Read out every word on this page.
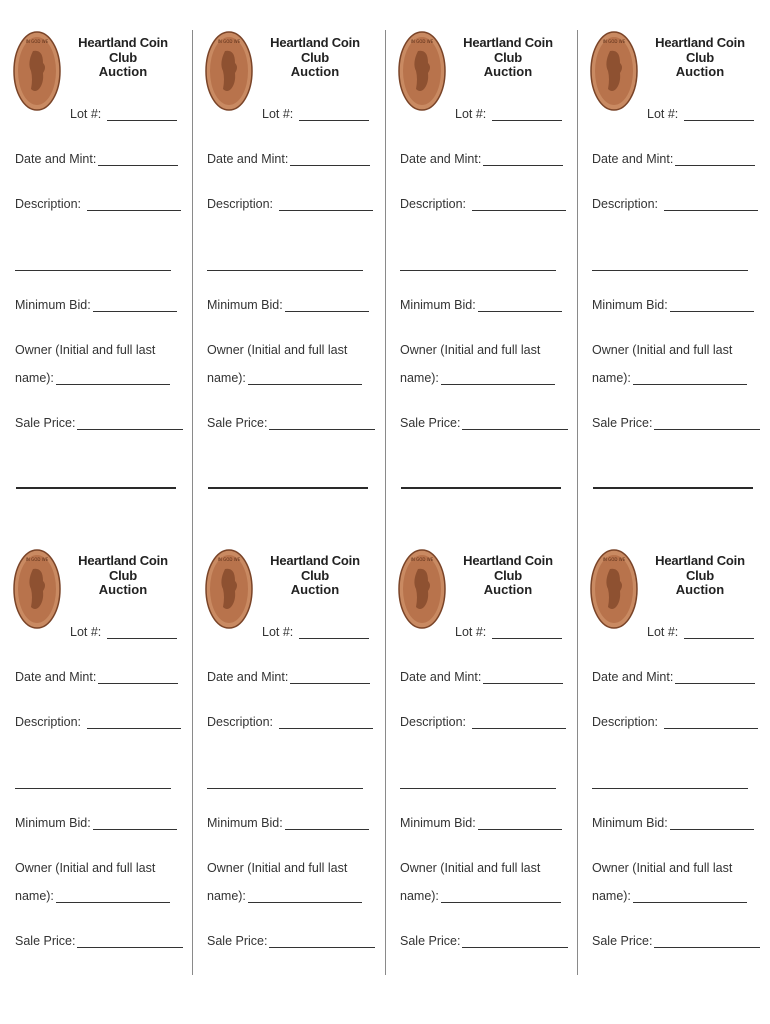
IN GOD WE	Heartland Coin Club
Auction
Lot #:
Date and Mint:
Description:
Minimum Bid:
Owner (Initial and full last
name):
Sale Price:
IN GOD WE	Heartland Coin Club
Auction
Lot #:
Date and Mint:
Description:
Minimum Bid:
Owner (Initial and full last
name):
Sale Price:
IN GOD WE	Heartland Coin Club
Auction
Lot #:
Date and Mint:
Description:
Minimum Bid:
Owner (Initial and full last
name):
Sale Price:
IN GOD WE	Heartland Coin Club
Auction
Lot #:
Date and Mint:
Description:
Minimum Bid:
Owner (Initial and full last
name):
Sale Price:
IN GOD WE	Heartland Coin Club
Auction
Lot #:
Date and Mint:
Description:
Minimum Bid:
Owner (Initial and full last
name):
Sale Price:
IN GOD WE	Heartland Coin Club
Auction
Lot #:
Date and Mint:
Description:
Minimum Bid:
Owner (Initial and full last
name):
Sale Price:
IN GOD WE	Heartland Coin Club
Auction
Lot #:
Date and Mint:
Description:
Minimum Bid:
Owner (Initial and full last
name):
Sale Price:
IN GOD WE	Heartland Coin Club
Auction
Lot #:
Date and Mint:
Description:
Minimum Bid:
Owner (Initial and full last
name):
Sale Price:
